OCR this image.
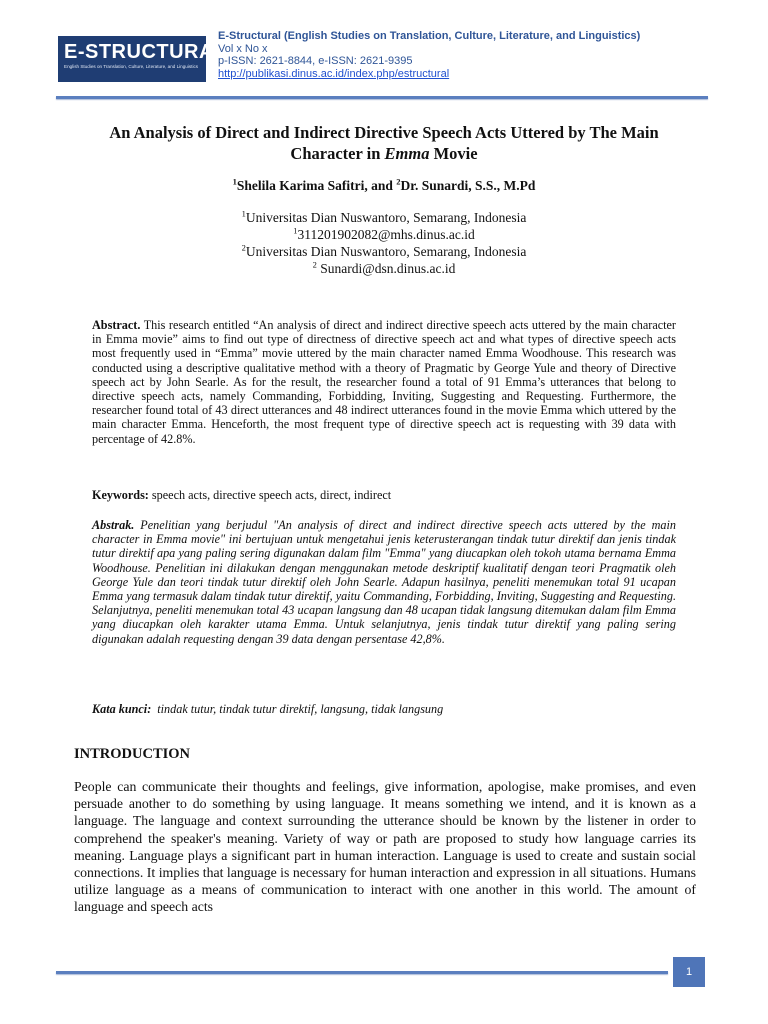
E-STRUCTURAL
English Studies on Translation, Culture, Literature, and Linguistics
E-Structural (English Studies on Translation, Culture, Literature, and Linguistics)
Vol x No x
p-ISSN: 2621-8844, e-ISSN: 2621-9395
http://publikasi.dinus.ac.id/index.php/estructural
An Analysis of Direct and Indirect Directive Speech Acts Uttered by The Main
Character in Emma Movie
$^1$Shelila Karima Safitri, and $^2$Dr. Sunardi, S.S., M.Pd
$^1$Universitas Dian Nuswantoro, Semarang, Indonesia
$^1$311201902082@mhs.dinus.ac.id
$^2$Universitas Dian Nuswantoro, Semarang, Indonesia
$^2$ Sunardi@dsn.dinus.ac.id
Abstract. This research entitled “An analysis of direct and indirect directive speech acts uttered by the main character in Emma movie” aims to find out type of directness of directive speech act and what types of directive speech acts most frequently used in “Emma” movie uttered by the main character named Emma Woodhouse. This research was conducted using a descriptive qualitative method with a theory of Pragmatic by George Yule and theory of Directive speech act by John Searle. As for the result, the researcher found a total of 91 Emma’s utterances that belong to directive speech acts, namely Commanding, Forbidding, Inviting, Suggesting and Requesting. Furthermore, the researcher found total of 43 direct utterances and 48 indirect utterances found in the movie Emma which uttered by the main character Emma. Henceforth, the most frequent type of directive speech act is requesting with 39 data with percentage of 42.8%.
Keywords: speech acts, directive speech acts, direct, indirect
Abstrak. Penelitian yang berjudul "An analysis of direct and indirect directive speech acts uttered by the main character in Emma movie" ini bertujuan untuk mengetahui jenis keterusterangan tindak tutur direktif dan jenis tindak tutur direktif apa yang paling sering digunakan dalam film "Emma" yang diucapkan oleh tokoh utama bernama Emma Woodhouse. Penelitian ini dilakukan dengan menggunakan metode deskriptif kualitatif dengan teori Pragmatik oleh George Yule dan teori tindak tutur direktif oleh John Searle. Adapun hasilnya, peneliti menemukan total 91 ucapan Emma yang termasuk dalam tindak tutur direktif, yaitu Commanding, Forbidding, Inviting, Suggesting and Requesting. Selanjutnya, peneliti menemukan total 43 ucapan langsung dan 48 ucapan tidak langsung ditemukan dalam film Emma yang diucapkan oleh karakter utama Emma. Untuk selanjutnya, jenis tindak tutur direktif yang paling sering digunakan adalah requesting dengan 39 data dengan persentase 42,8%.
Kata kunci: tindak tutur, tindak tutur direktif, langsung, tidak langsung
INTRODUCTION
People can communicate their thoughts and feelings, give information, apologise, make promises, and even persuade another to do something by using language. It means something we intend, and it is known as a language. The language and context surrounding the utterance should be known by the listener in order to comprehend the speaker's meaning. Variety of way or path are proposed to study how language carries its meaning. Language plays a significant part in human interaction. Language is used to create and sustain social connections. It implies that language is necessary for human interaction and expression in all situations. Humans utilize language as a means of communication to interact with one another in this world. The amount of language and speech acts
1
